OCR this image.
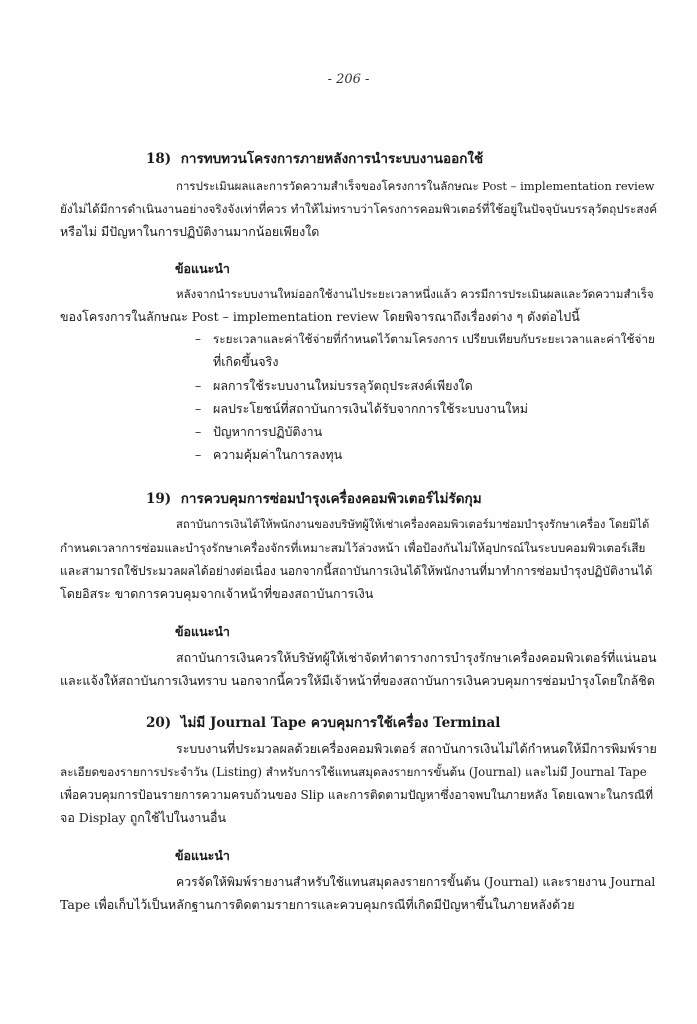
- 206 -
18) การทบทวนโครงการภายหลังการนำระบบงานออกใช้
การประเมินผลและการวัดความสำเร็จของโครงการในลักษณะ Post – implementation review
ยังไม่ได้มีการดำเนินงานอย่างจริงจังเท่าที่ควร ทำให้ไม่ทราบว่าโครงการคอมพิวเตอร์ที่ใช้อยู่ในปัจจุบันบรรลุวัตถุประสงค์
หรือไม่ มีปัญหาในการปฏิบัติงานมากน้อยเพียงใด
ข้อแนะนำ
หลังจากนำระบบงานใหม่ออกใช้งานไประยะเวลาหนึ่งแล้ว ควรมีการประเมินผลและวัดความสำเร็จ
ของโครงการในลักษณะ Post – implementation review โดยพิจารณาถึงเรื่องต่าง ๆ ดังต่อไปนี้
– ระยะเวลาและค่าใช้จ่ายที่กำหนดไว้ตามโครงการ เปรียบเทียบกับระยะเวลาและค่าใช้จ่าย
ที่เกิดขึ้นจริง
– ผลการใช้ระบบงานใหม่บรรลุวัตถุประสงค์เพียงใด
– ผลประโยชน์ที่สถาบันการเงินได้รับจากการใช้ระบบงานใหม่
– ปัญหาการปฏิบัติงาน
– ความคุ้มค่าในการลงทุน
19) การควบคุมการซ่อมบำรุงเครื่องคอมพิวเตอร์ไม่รัดกุม
สถาบันการเงินได้ให้พนักงานของบริษัทผู้ให้เช่าเครื่องคอมพิวเตอร์มาซ่อมบำรุงรักษาเครื่อง โดยมิได้
กำหนดเวลาการซ่อมและบำรุงรักษาเครื่องจักรที่เหมาะสมไว้ล่วงหน้า เพื่อป้องกันไม่ให้อุปกรณ์ในระบบคอมพิวเตอร์เสีย
และสามารถใช้ประมวลผลได้อย่างต่อเนื่อง นอกจากนี้สถาบันการเงินได้ให้พนักงานที่มาทำการซ่อมบำรุงปฏิบัติงานได้
โดยอิสระ ขาดการควบคุมจากเจ้าหน้าที่ของสถาบันการเงิน
ข้อแนะนำ
สถาบันการเงินควรให้บริษัทผู้ให้เช่าจัดทำตารางการบำรุงรักษาเครื่องคอมพิวเตอร์ที่แน่นอน
และแจ้งให้สถาบันการเงินทราบ นอกจากนี้ควรให้มีเจ้าหน้าที่ของสถาบันการเงินควบคุมการซ่อมบำรุงโดยใกล้ชิด
20) ไม่มี Journal Tape ควบคุมการใช้เครื่อง Terminal
ระบบงานที่ประมวลผลด้วยเครื่องคอมพิวเตอร์ สถาบันการเงินไม่ได้กำหนดให้มีการพิมพ์ราย
ละเอียดของรายการประจำวัน (Listing) สำหรับการใช้แทนสมุดลงรายการขั้นต้น (Journal) และไม่มี Journal Tape
เพื่อควบคุมการป้อนรายการความครบถ้วนของ Slip และการติดตามปัญหาซึ่งอาจพบในภายหลัง โดยเฉพาะในกรณีที่
จอ Display ถูกใช้ไปในงานอื่น
ข้อแนะนำ
ควรจัดให้พิมพ์รายงานสำหรับใช้แทนสมุดลงรายการขั้นต้น (Journal) และรายงาน Journal
Tape เพื่อเก็บไว้เป็นหลักฐานการติดตามรายการและควบคุมกรณีที่เกิดมีปัญหาขึ้นในภายหลังด้วย
